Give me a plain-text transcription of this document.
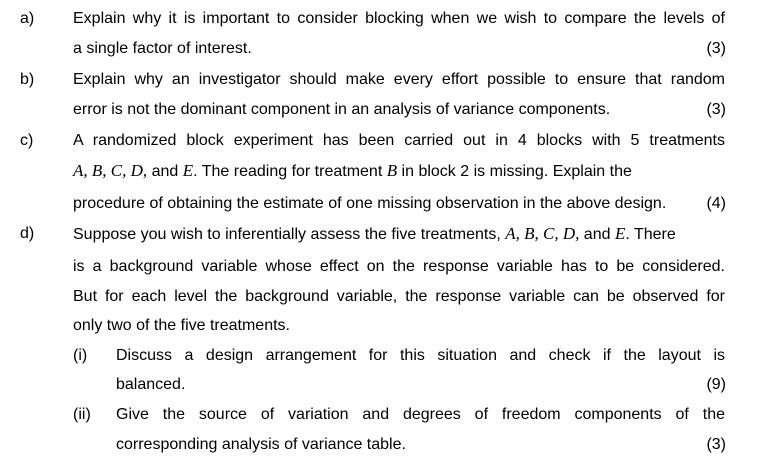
a) Explain why it is important to consider blocking when we wish to compare the levels of
a single factor of interest.	(3)
b) Explain why an investigator should make every effort possible to ensure that random
error is not the dominant component in an analysis of variance components.	(3)
c) A randomized block experiment has been carried out in 4 blocks with 5 treatments
A, B, C, D, and E. The reading for treatment B in block 2 is missing. Explain the
procedure of obtaining the estimate of one missing observation in the above design.	(4)
d) Suppose you wish to inferentially assess the five treatments, A, B, C, D, and E. There
is a background variable whose effect on the response variable has to be considered.
But for each level the background variable, the response variable can be observed for
only two of the five treatments.
(i) Discuss a design arrangement for this situation and check if the layout is
balanced.	(9)
(ii) Give the source of variation and degrees of freedom components of the
corresponding analysis of variance table.	(3)
